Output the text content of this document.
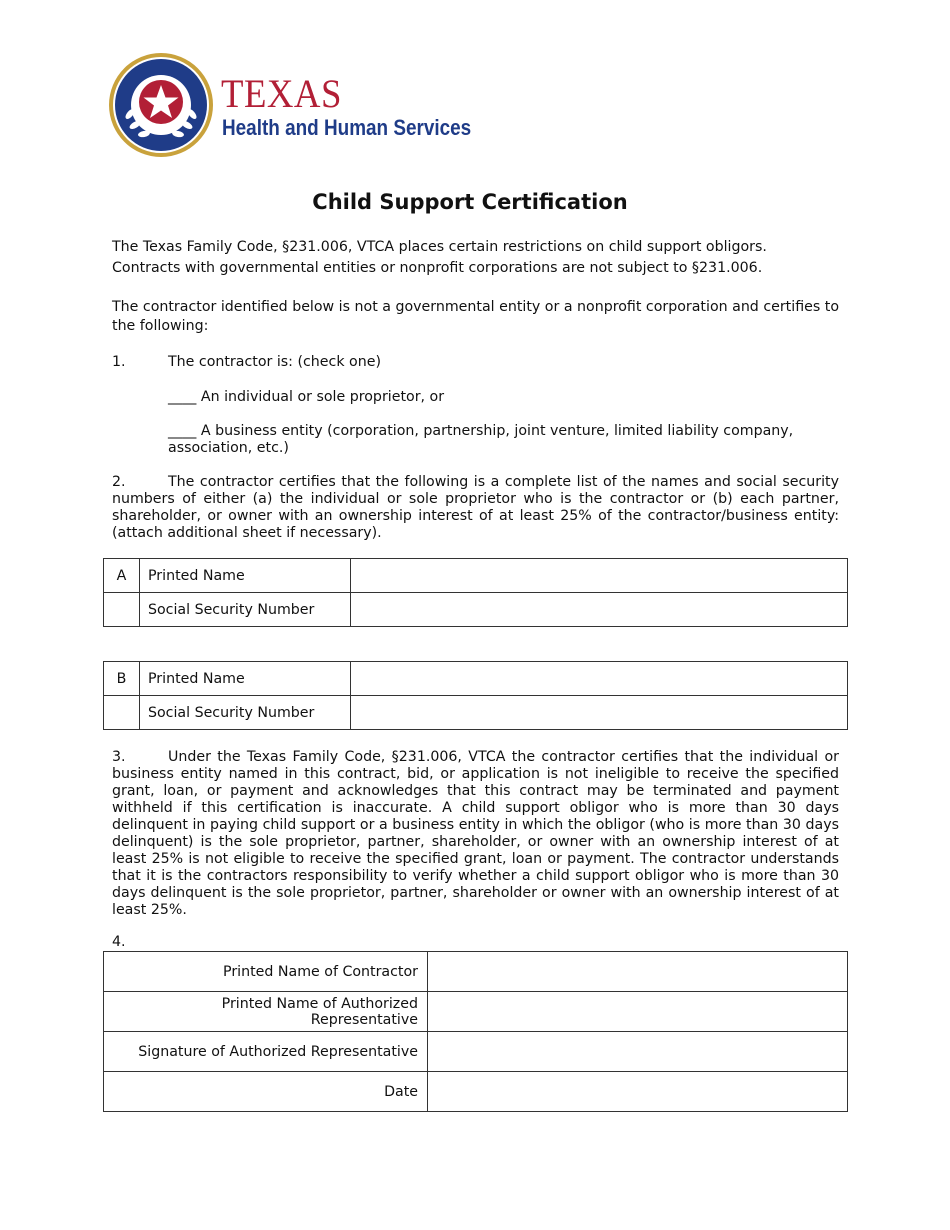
TEXAS
Health and Human Services
Child Support Certification
The Texas Family Code, §231.006, VTCA places certain restrictions on child support obligors. Contracts with governmental entities or nonprofit corporations are not subject to §231.006.
The contractor identified below is not a governmental entity or a nonprofit corporation and certifies to the following:
1.	The contractor is: (check one)
____ An individual or sole proprietor, or
____ A business entity (corporation, partnership, joint venture, limited liability company, association, etc.)
2.	The contractor certifies that the following is a complete list of the names and social security numbers of either (a) the individual or sole proprietor who is the contractor or (b) each partner, shareholder, or owner with an ownership interest of at least 25% of the contractor/business entity: (attach additional sheet if necessary).
A	Printed Name	
	Social Security Number	
B	Printed Name	
	Social Security Number	
3.	Under the Texas Family Code, §231.006, VTCA the contractor certifies that the individual or business entity named in this contract, bid, or application is not ineligible to receive the specified grant, loan, or payment and acknowledges that this contract may be terminated and payment withheld if this certification is inaccurate. A child support obligor who is more than 30 days delinquent in paying child support or a business entity in which the obligor (who is more than 30 days delinquent) is the sole proprietor, partner, shareholder, or owner with an ownership interest of at least 25% is not eligible to receive the specified grant, loan or payment. The contractor understands that it is the contractors responsibility to verify whether a child support obligor who is more than 30 days delinquent is the sole proprietor, partner, shareholder or owner with an ownership interest of at least 25%.
4.
Printed Name of Contractor	
Printed Name of Authorized Representative	
Signature of Authorized Representative	
Date	
